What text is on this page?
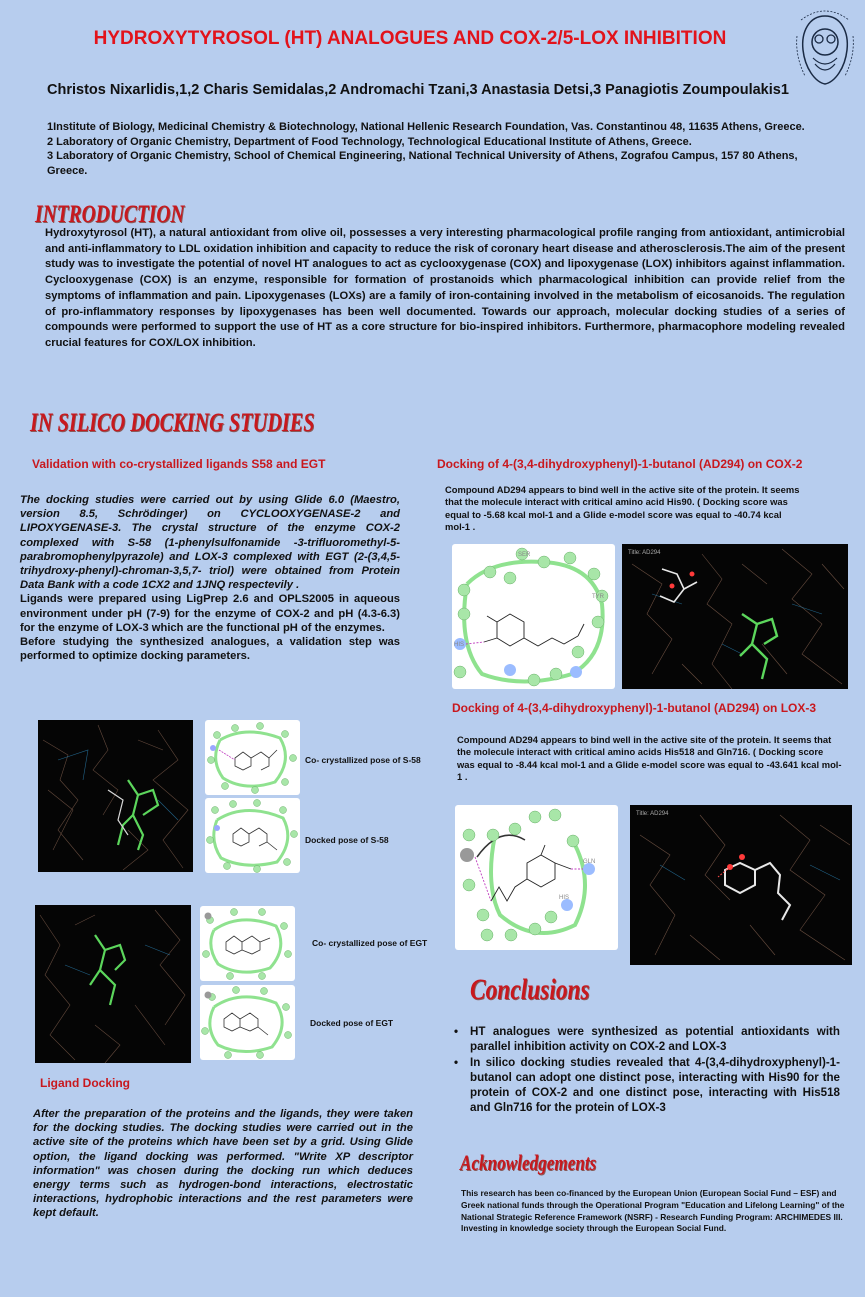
HYDROXYTYROSOL (HT) ANALOGUES AND COX-2/5-LOX INHIBITION
Christos Nixarlidis,1,2 Charis Semidalas,2 Andromachi Tzani,3 Anastasia Detsi,3 Panagiotis Zoumpoulakis1
1Institute of Biology, Medicinal Chemistry & Biotechnology, National Hellenic Research Foundation, Vas. Constantinou 48, 11635 Athens, Greece.
2 Laboratory of Organic Chemistry, Department of Food Technology, Technological Educational Institute of Athens, Greece.
3 Laboratory of Organic Chemistry, School of Chemical Engineering, National Technical University of Athens, Zografou Campus, 157 80 Athens, Greece.
INTRODUCTION
Hydroxytyrosol (HT), a natural antioxidant from olive oil, possesses a very interesting pharmacological profile ranging from antioxidant, antimicrobial and anti-inflammatory to LDL oxidation inhibition and capacity to reduce the risk of coronary heart disease and atherosclerosis.The aim of the present study was to investigate the potential of novel HT analogues to act as cyclooxygenase (COX) and lipoxygenase (LOX) inhibitors against inflammation. Cyclooxygenase (COX) is an enzyme, responsible for formation of prostanoids which pharmacological inhibition can provide relief from the symptoms of inflammation and pain. Lipoxygenases (LOXs) are a family of iron-containing involved in the metabolism of eicosanoids. The regulation of pro-inflammatory responses by lipoxygenases has been well documented. Towards our approach, molecular docking studies of a series of compounds were performed to support the use of HT as a core structure for bio-inspired inhibitors. Furthermore, pharmacophore modeling revealed crucial features for COX/LOX inhibition.
IN SILICO DOCKING STUDIES
Validation with co-crystallized ligands S58 and EGT
The docking studies were carried out by using Glide 6.0 (Maestro, version 8.5, Schrödinger) on CYCLOOXYGENASE-2 and LIPOXYGENASE-3. The crystal structure of the enzyme COX-2 complexed with S-58 (1-phenylsulfonamide -3-trifluoromethyl-5-parabromophenylpyrazole) and LOX-3 complexed with EGT (2-(3,4,5-trihydroxy-phenyl)-chroman-3,5,7- triol) were obtained from Protein Data Bank with a code 1CX2 and 1JNQ respectevily .
Ligands were prepared using LigPrep 2.6 and OPLS2005 in aqueous environment under pH (7-9) for the enzyme of COX-2 and pH (4.3-6.3) for the enzyme of LOX-3 which are the functional pH of the enzymes.
Before studying the synthesized analogues, a validation step was performed to optimize docking parameters.
Co- crystallized pose of S-58
Docked pose of S-58
Co- crystallized pose of EGT
Docked pose of EGT
Ligand Docking
After the preparation of the proteins and the ligands, they were taken for the docking studies. The docking studies were carried out in the active site of the proteins which have been set by a grid. Using Glide option, the ligand docking was performed. "Write XP descriptor information" was chosen during the docking run which deduces energy terms such as hydrogen-bond interactions, electrostatic interactions, hydrophobic interactions and the rest parameters were kept default.
Docking of 4-(3,4-dihydroxyphenyl)-1-butanol (AD294) on COX-2
Compound AD294 appears to bind well in the active site of the protein. It seems that the molecule interact with critical amino acid His90. ( Docking score was equal to -5.68 kcal mol-1 and a Glide e-model score was equal to -40.74 kcal mol-1 .
SER
TYR
HIS
Title: AD294
Docking of 4-(3,4-dihydroxyphenyl)-1-butanol (AD294) on LOX-3
Compound AD294 appears to bind well in the active site of the protein. It seems that the molecule interact with critical amino acids His518 and Gln716. ( Docking score was equal to -8.44 kcal mol-1 and a Glide e-model score was equal to -43.641 kcal mol-1 .
GLN
HIS
Title: AD294
Conclusions
• HT analogues were synthesized as potential antioxidants with parallel inhibition activity on COX-2 and LOX-3
• In silico docking studies revealed that 4-(3,4-dihydroxyphenyl)-1-butanol can adopt one distinct pose, interacting with His90 for the protein of COX-2 and one distinct pose, interacting with His518 and Gln716 for the protein of LOX-3
Acknowledgements
This research has been co-financed by the European Union (European Social Fund – ESF) and Greek national funds through the Operational Program "Education and Lifelong Learning" of the National Strategic Reference Framework (NSRF) - Research Funding Program: ARCHIMEDES III. Investing in knowledge society through the European Social Fund.
